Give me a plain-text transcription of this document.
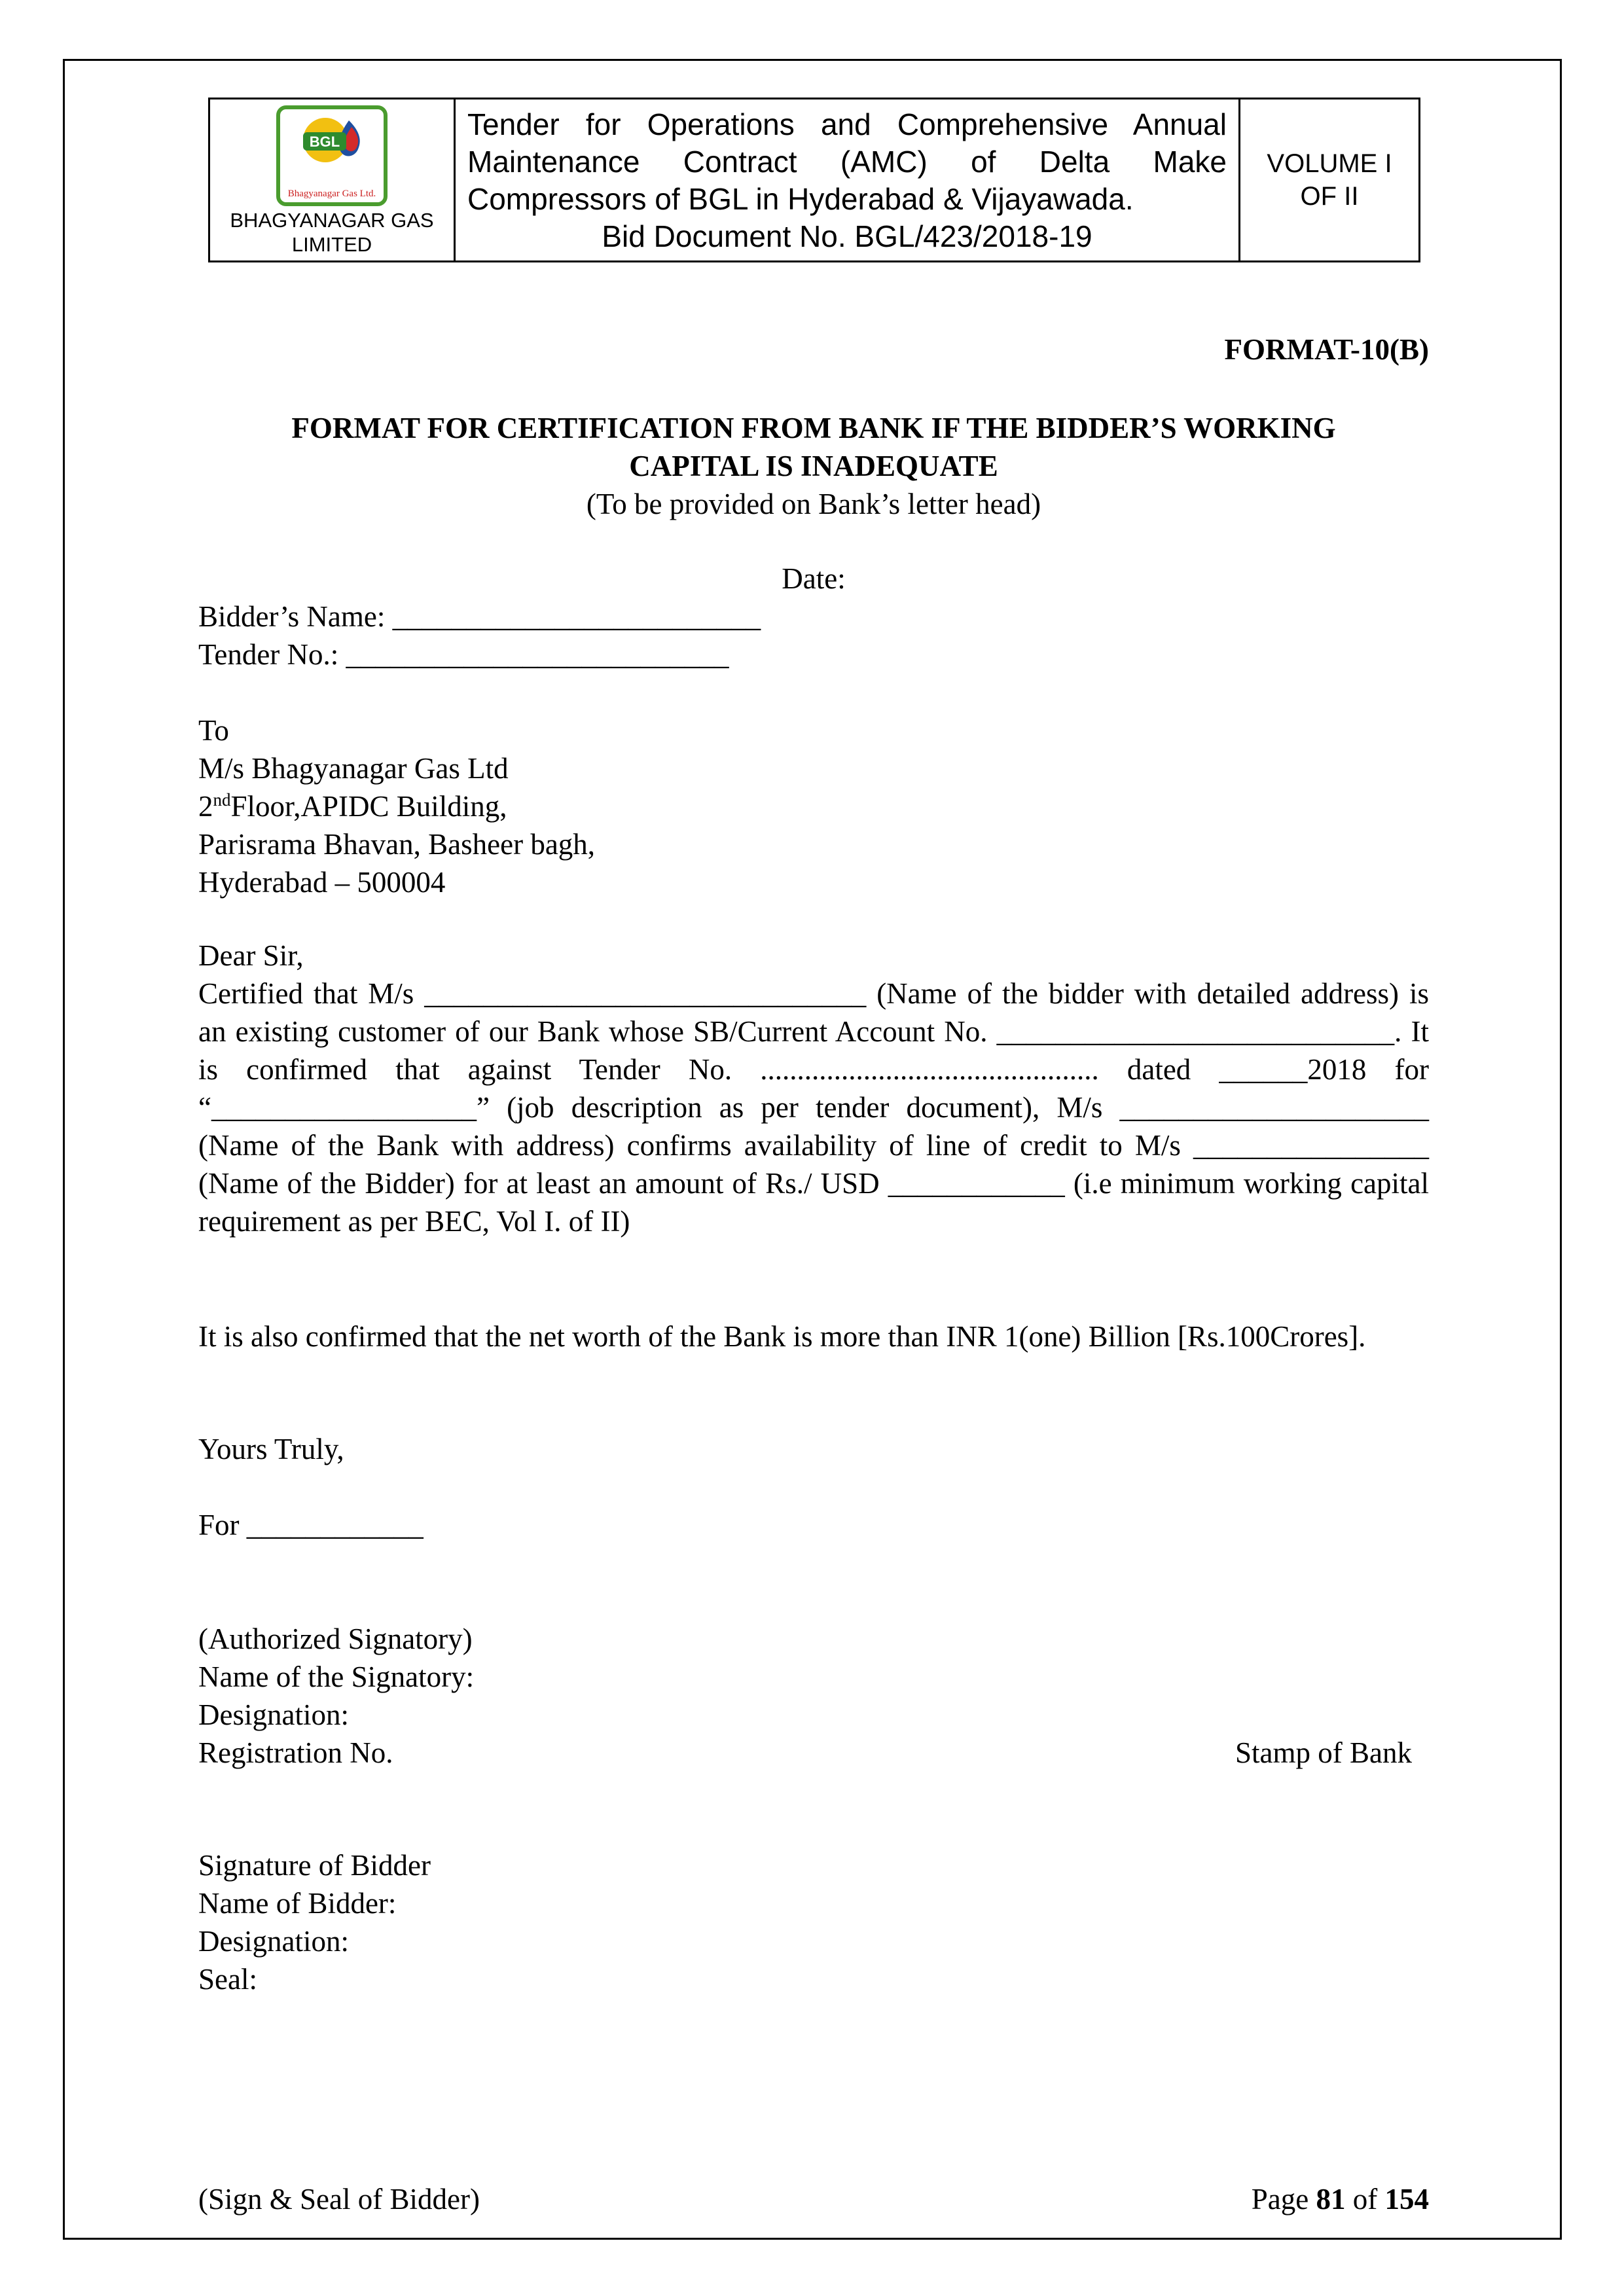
BGL
Bhagyanagar Gas Ltd.
BHAGYANAGAR GAS
LIMITED
Tender for Operations and Comprehensive Annual Maintenance Contract (AMC) of Delta Make Compressors of BGL in Hyderabad & Vijayawada.
Bid Document No. BGL/423/2018-19
VOLUME I
OF II
FORMAT-10(B)
FORMAT FOR CERTIFICATION FROM BANK IF THE BIDDER’S WORKING
CAPITAL IS INADEQUATE
(To be provided on Bank’s letter head)
Date:
Bidder’s Name: _________________________
Tender No.: __________________________
To
M/s Bhagyanagar Gas Ltd
2ndFloor,APIDC Building,
Parisrama Bhavan, Basheer bagh,
Hyderabad – 500004
Dear Sir,
Certified that M/s ______________________________ (Name of the bidder with detailed address) is an existing customer of our Bank whose SB/Current Account No. ___________________________. It is confirmed that against Tender No. .............................................. dated ______2018 for “__________________” (job description as per tender document), M/s _____________________ (Name of the Bank with address) confirms availability of line of credit to M/s ________________ (Name of the Bidder) for at least an amount of Rs./ USD ____________ (i.e minimum working capital requirement as per BEC, Vol I. of II)
It is also confirmed that the net worth of the Bank is more than INR 1(one) Billion [Rs.100Crores].
Yours Truly,
For ____________
(Authorized Signatory)
Name of the Signatory:
Designation:
Registration No.	Stamp of Bank
Signature of Bidder
Name of Bidder:
Designation:
Seal:
(Sign & Seal of Bidder)	Page 81 of 154
